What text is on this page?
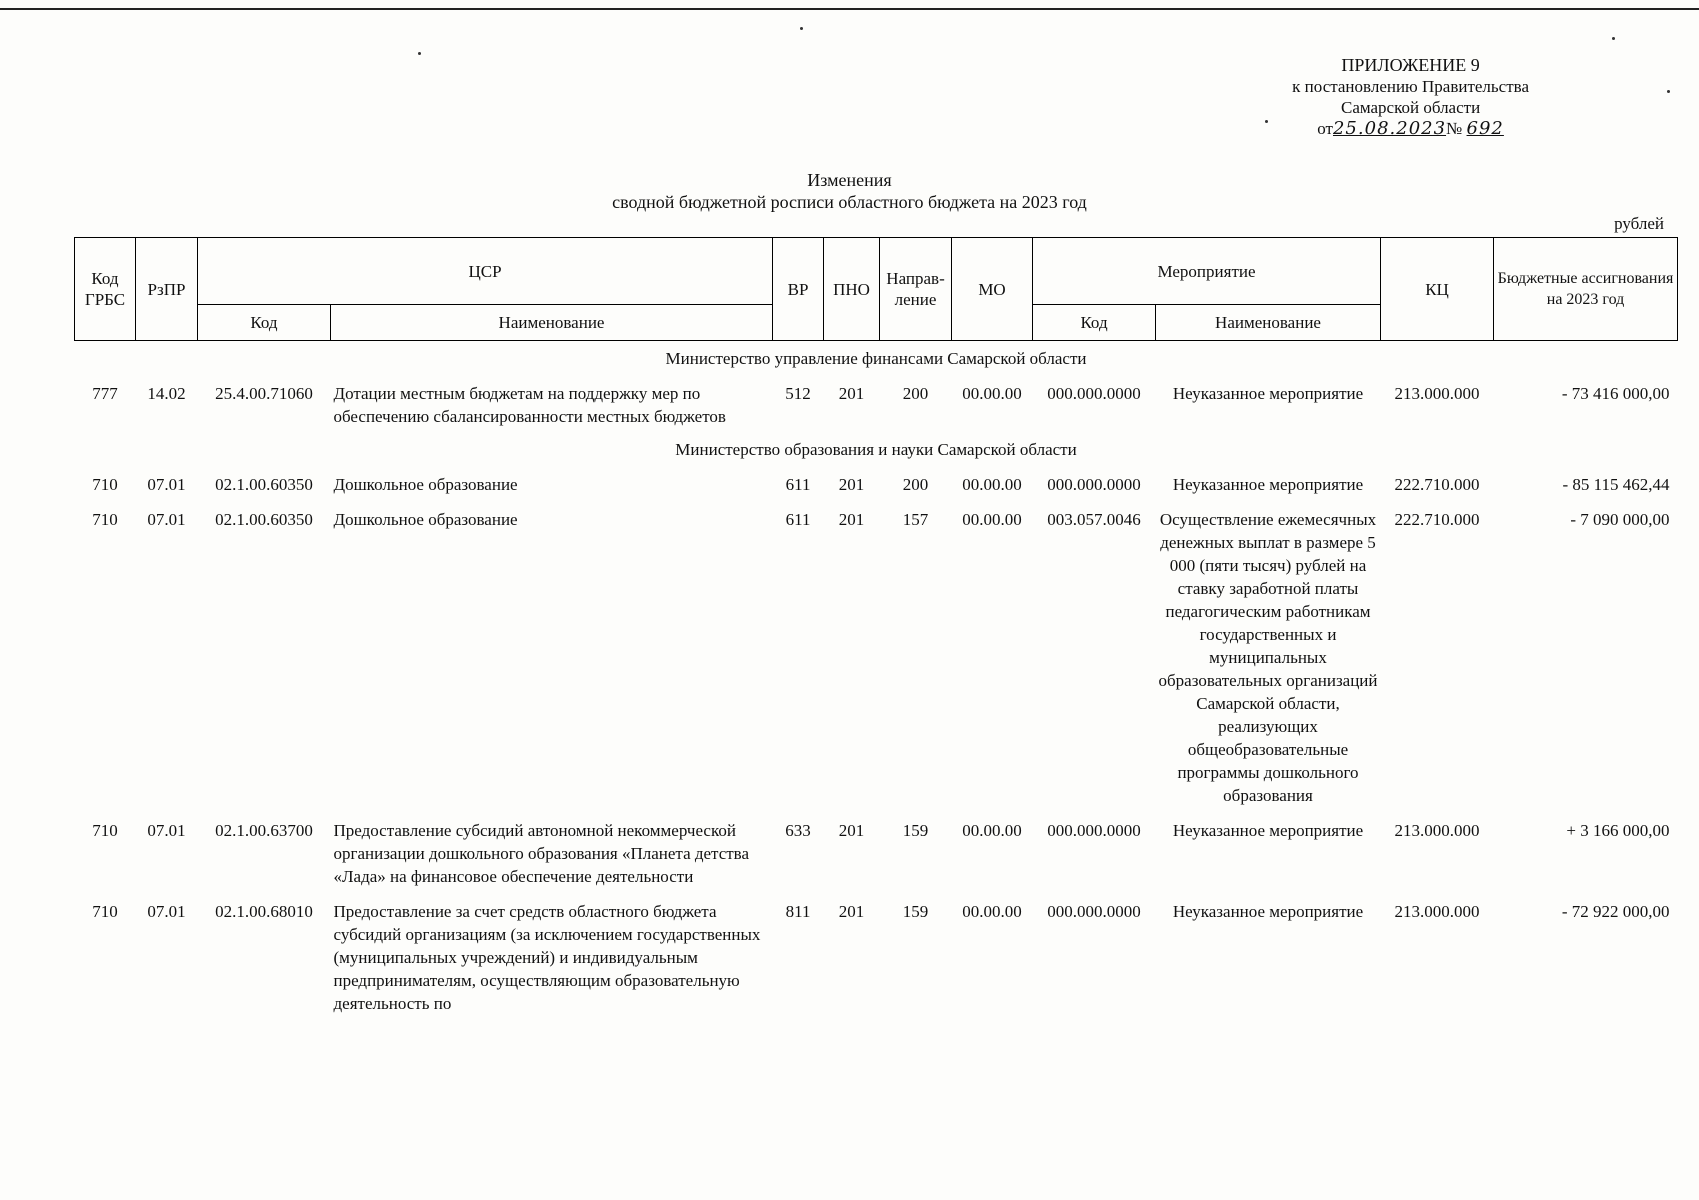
ПРИЛОЖЕНИЕ 9
к постановлению Правительства
Самарской области
от25.08.2023№ 692
Изменения
сводной бюджетной росписи областного бюджета на 2023 год
рублей
Код ГРБС	РзПР	ЦСР		ВР	ПНО	Направ-ление	МО	Мероприятие		КЦ	Бюджетные ассигнования на 2023 год
		Код	Наименование					Код	Наименование		
Министерство управление финансами Самарской области											
777	14.02	25.4.00.71060	Дотации местным бюджетам на поддержку мер по обеспечению сбалансированности местных бюджетов	512	201	200	00.00.00	000.000.0000	Неуказанное мероприятие	213.000.000	- 73 416 000,00
Министерство образования и науки Самарской области											
710	07.01	02.1.00.60350	Дошкольное образование	611	201	200	00.00.00	000.000.0000	Неуказанное мероприятие	222.710.000	- 85 115 462,44
710	07.01	02.1.00.60350	Дошкольное образование	611	201	157	00.00.00	003.057.0046	Осуществление ежемесячных денежных выплат в размере 5 000 (пяти тысяч) рублей на ставку заработной платы педагогическим работникам государственных и муниципальных образовательных организаций Самарской области, реализующих общеобразовательные программы дошкольного образования	222.710.000	- 7 090 000,00
710	07.01	02.1.00.63700	Предоставление субсидий автономной некоммерческой организации дошкольного образования «Планета детства «Лада» на финансовое обеспечение деятельности	633	201	159	00.00.00	000.000.0000	Неуказанное мероприятие	213.000.000	+ 3 166 000,00
710	07.01	02.1.00.68010	Предоставление за счет средств областного бюджета субсидий организациям (за исключением государственных (муниципальных учреждений) и индивидуальным предпринимателям, осуществляющим образовательную деятельность по	811	201	159	00.00.00	000.000.0000	Неуказанное мероприятие	213.000.000	- 72 922 000,00
